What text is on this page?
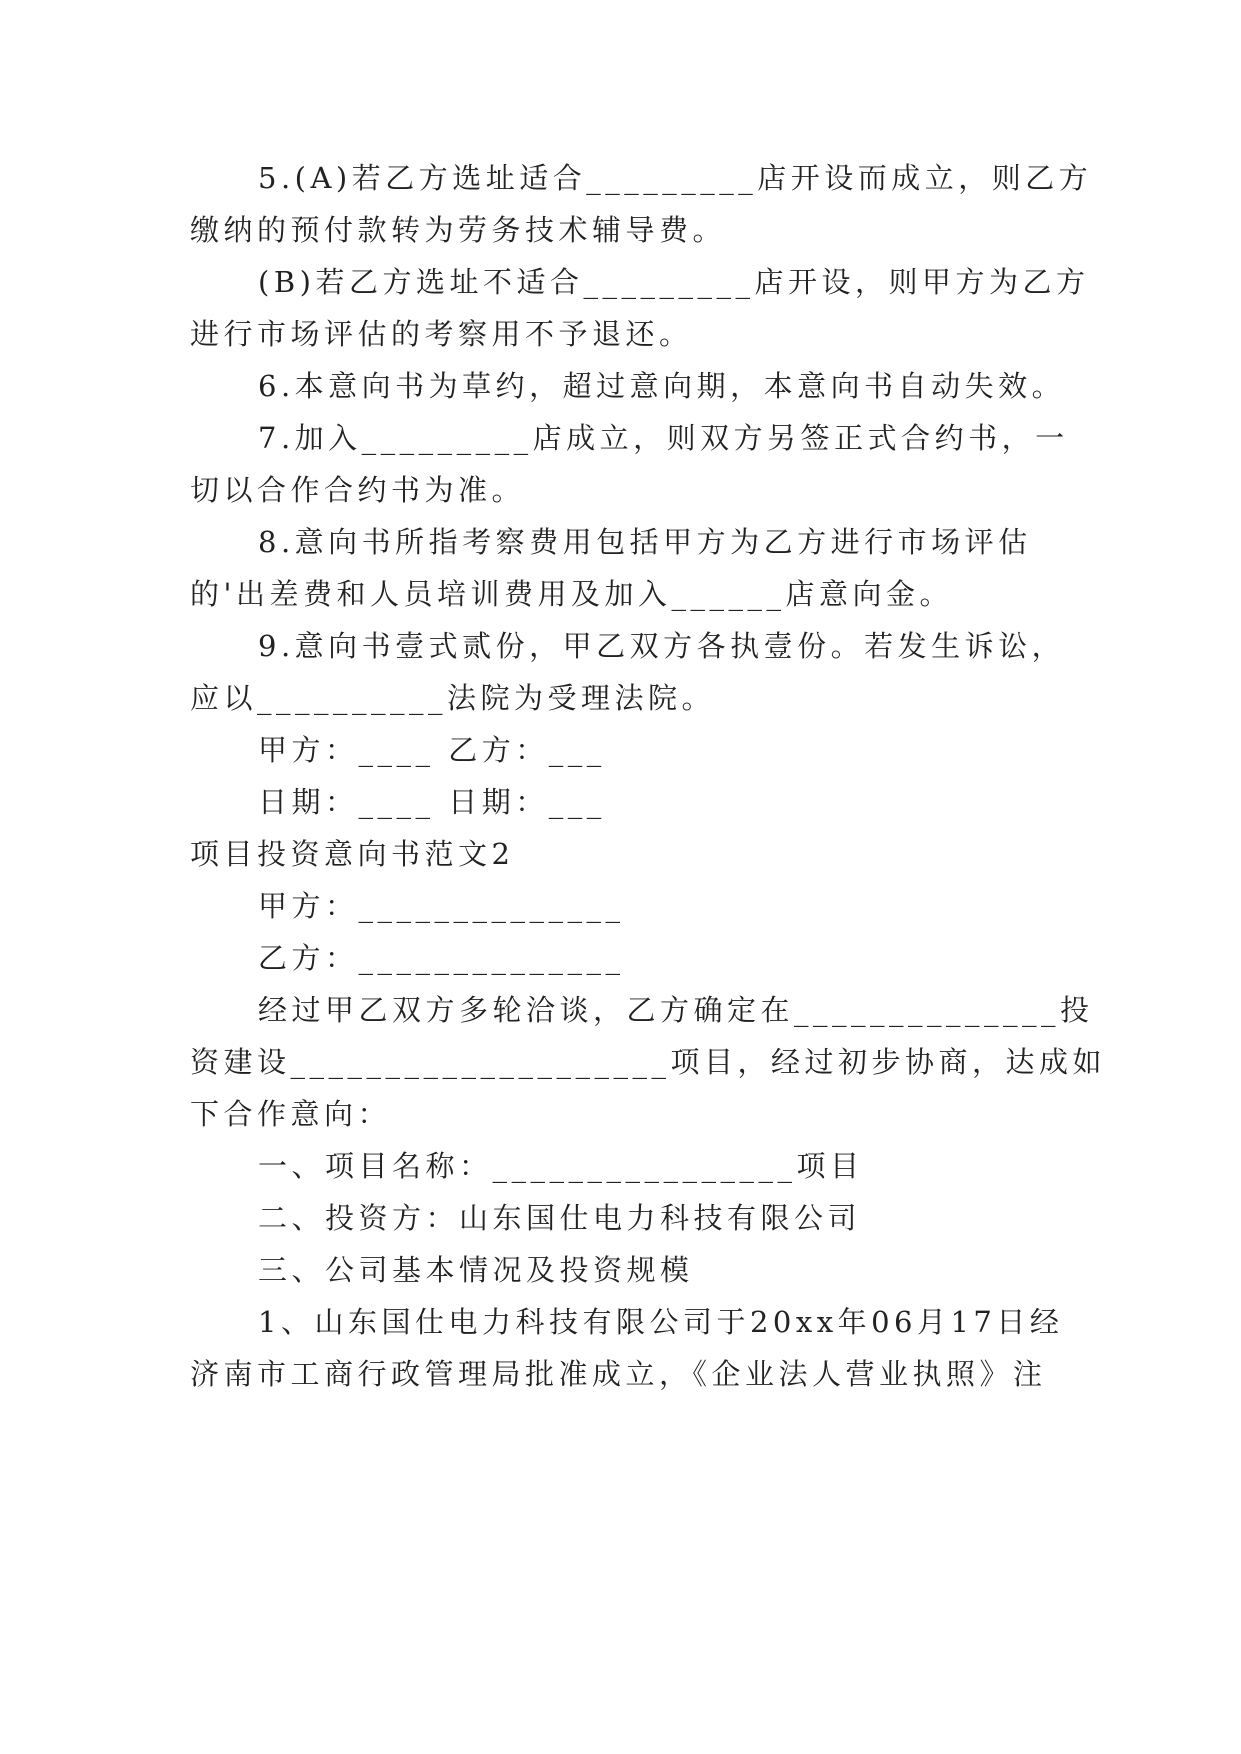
5.(A)若乙方选址适合_________店开设而成立，则乙方
缴纳的预付款转为劳务技术辅导费。
(B)若乙方选址不适合_________店开设，则甲方为乙方
进行市场评估的考察用不予退还。
6.本意向书为草约，超过意向期，本意向书自动失效。
7.加入_________店成立，则双方另签正式合约书，一
切以合作合约书为准。
8.意向书所指考察费用包括甲方为乙方进行市场评估
的'出差费和人员培训费用及加入______店意向金。
9.意向书壹式贰份，甲乙双方各执壹份。若发生诉讼，
应以__________法院为受理法院。
甲方：____ 乙方：___
日期：____ 日期：___
项目投资意向书范文2
甲方：______________
乙方：______________
经过甲乙双方多轮洽谈，乙方确定在______________投
资建设____________________项目，经过初步协商，达成如
下合作意向：
一、项目名称：________________项目
二、投资方：山东国仕电力科技有限公司
三、公司基本情况及投资规模
1、山东国仕电力科技有限公司于20xx年06月17日经
济南市工商行政管理局批准成立，《企业法人营业执照》注
